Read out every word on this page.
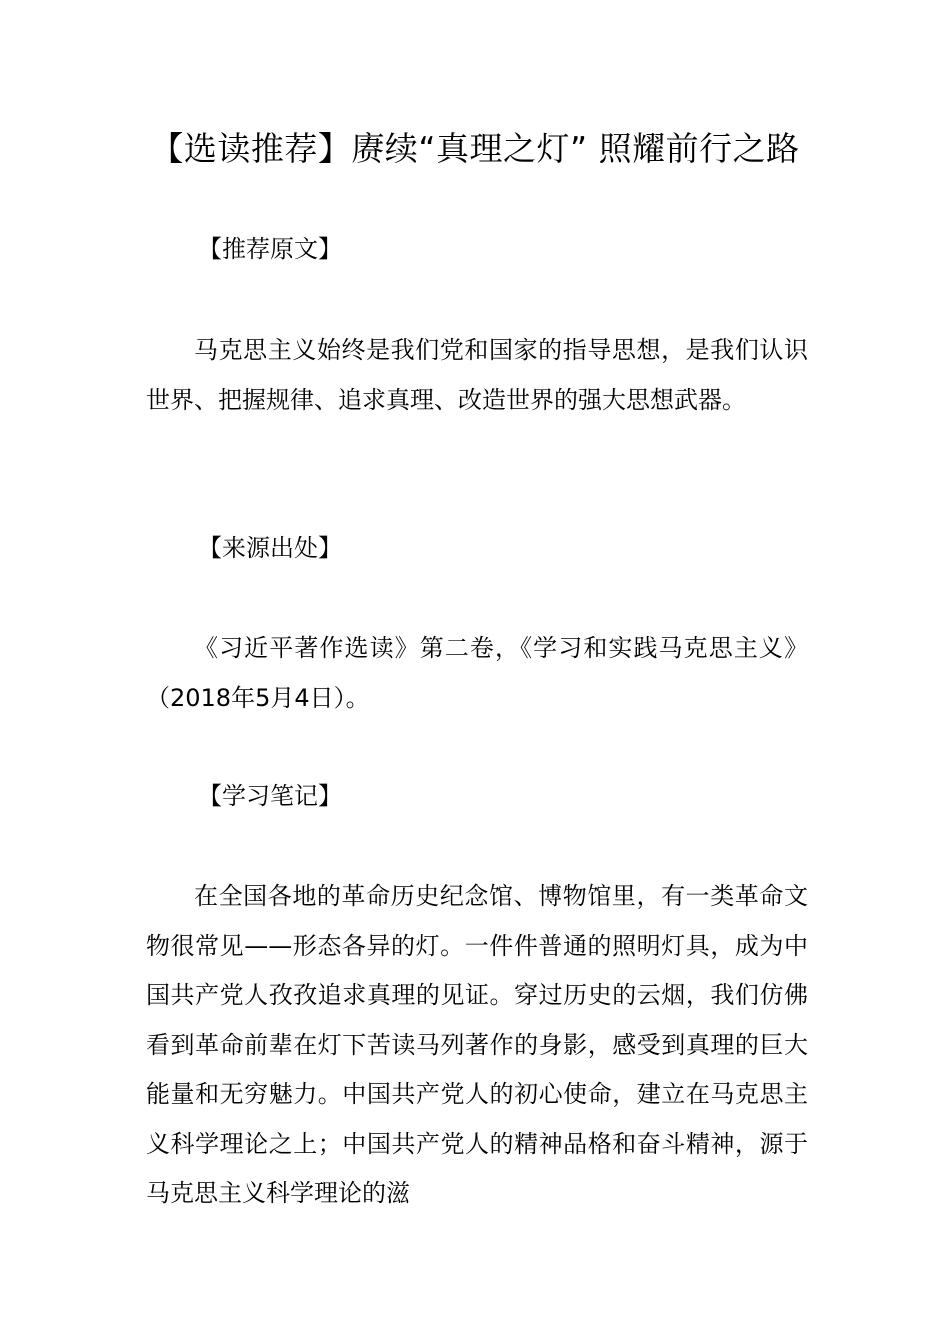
【选读推荐】赓续“真理之灯” 照耀前行之路
【推荐原文】

马克思主义始终是我们党和国家的指导思想，是我们认识世界、把握规律、追求真理、改造世界的强大思想武器。

【来源出处】

《习近平著作选读》第二卷，《学习和实践马克思主义》（2018年5月4日）。

【学习笔记】

在全国各地的革命历史纪念馆、博物馆里，有一类革命文物很常见——形态各异的灯。一件件普通的照明灯具，成为中国共产党人孜孜追求真理的见证。穿过历史的云烟，我们仿佛看到革命前辈在灯下苦读马列著作的身影，感受到真理的巨大能量和无穷魅力。中国共产党人的初心使命，建立在马克思主义科学理论之上；中国共产党人的精神品格和奋斗精神，源于马克思主义科学理论的滋
